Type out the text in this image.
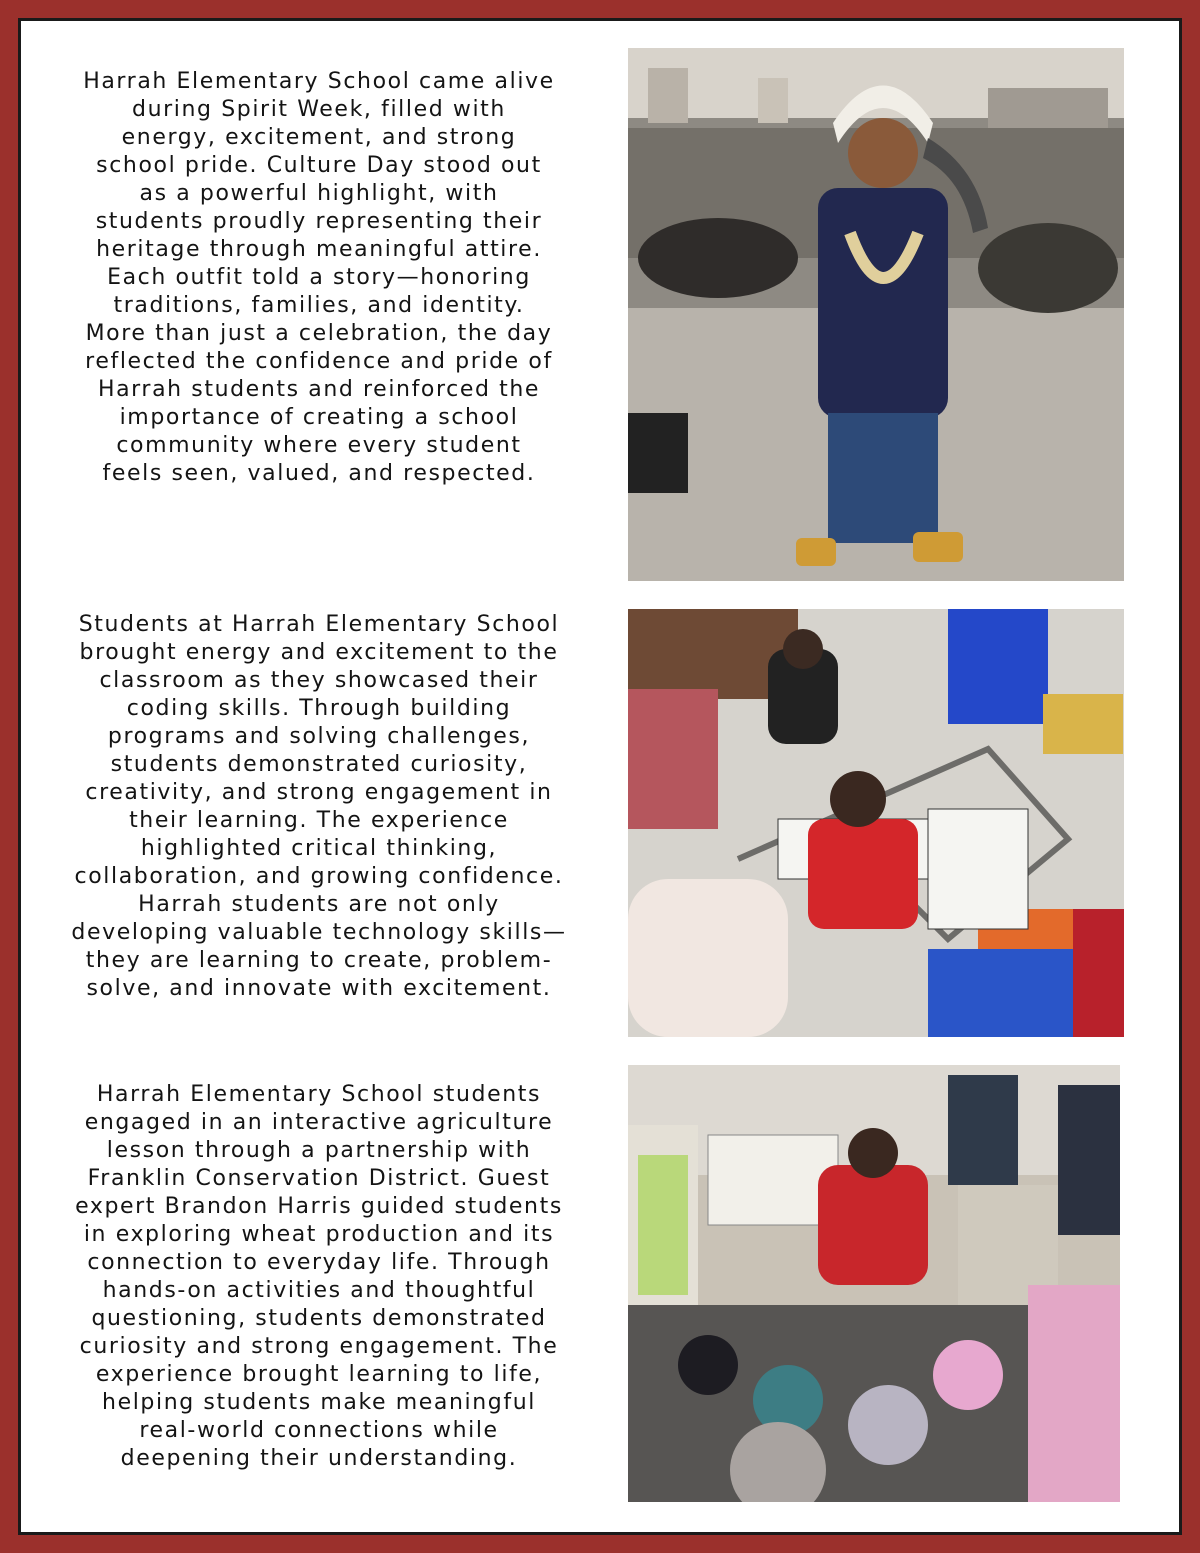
Harrah Elementary School came alive
during Spirit Week, filled with
energy, excitement, and strong
school pride. Culture Day stood out
as a powerful highlight, with
students proudly representing their
heritage through meaningful attire.
Each outfit told a story—honoring
traditions, families, and identity.
More than just a celebration, the day
reflected the confidence and pride of
Harrah students and reinforced the
importance of creating a school
community where every student
feels seen, valued, and respected.
Students at Harrah Elementary School
brought energy and excitement to the
classroom as they showcased their
coding skills. Through building
programs and solving challenges,
students demonstrated curiosity,
creativity, and strong engagement in
their learning. The experience
highlighted critical thinking,
collaboration, and growing confidence.
Harrah students are not only
developing valuable technology skills—
they are learning to create, problem-
solve, and innovate with excitement.
Harrah Elementary School students
engaged in an interactive agriculture
lesson through a partnership with
Franklin Conservation District. Guest
expert Brandon Harris guided students
in exploring wheat production and its
connection to everyday life. Through
hands-on activities and thoughtful
questioning, students demonstrated
curiosity and strong engagement. The
experience brought learning to life,
helping students make meaningful
real-world connections while
deepening their understanding.
